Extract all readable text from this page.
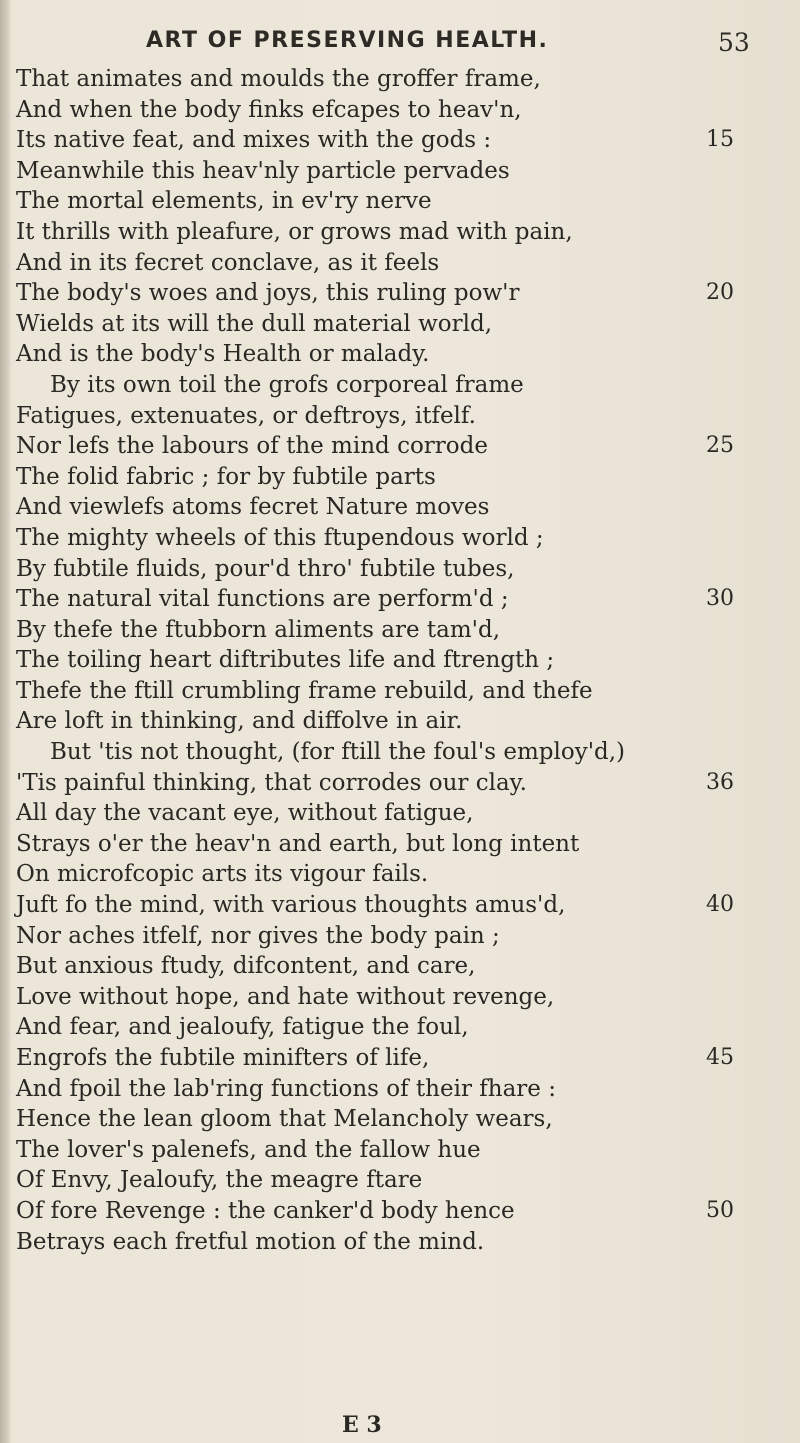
ART OF PRESERVING HEALTH.	53
That animates and moulds the groffer frame,
And when the body finks efcapes to heav'n,
Its native feat, and mixes with the gods :
Meanwhile this heav'nly particle pervades
The mortal elements, in ev'ry nerve
It thrills with pleafure, or grows mad with pain,
And in its fecret conclave, as it feels
The body's woes and joys, this ruling pow'r
Wields at its will the dull material world,
And is the body's Health or malady.
By its own toil the grofs corporeal frame
Fatigues, extenuates, or deftroys, itfelf.
Nor lefs the labours of the mind corrode
The folid fabric ; for by fubtile parts
And viewlefs atoms fecret Nature moves
The mighty wheels of this ftupendous world ;
By fubtile fluids, pour'd thro' fubtile tubes,
The natural vital functions are perform'd ;
By thefe the ftubborn aliments are tam'd,
The toiling heart diftributes life and ftrength ;
Thefe the ftill crumbling frame rebuild, and thefe
Are loft in thinking, and diffolve in air.
But 'tis not thought, (for ftill the foul's employ'd,)
'Tis painful thinking, that corrodes our clay.
All day the vacant eye, without fatigue,
Strays o'er the heav'n and earth, but long intent
On microfcopic arts its vigour fails.
Juft fo the mind, with various thoughts amus'd,
Nor aches itfelf, nor gives the body pain ;
But anxious ftudy, difcontent, and care,
Love without hope, and hate without revenge,
And fear, and jealoufy, fatigue the foul,
Engrofs the fubtile minifters of life,
And fpoil the lab'ring functions of their fhare :
Hence the lean gloom that Melancholy wears,
The lover's palenefs, and the fallow hue
Of Envy, Jealoufy, the meagre ftare
Of fore Revenge : the canker'd body hence
Betrays each fretful motion of the mind.
15
20
25
30
36
40
45
50
E 3
